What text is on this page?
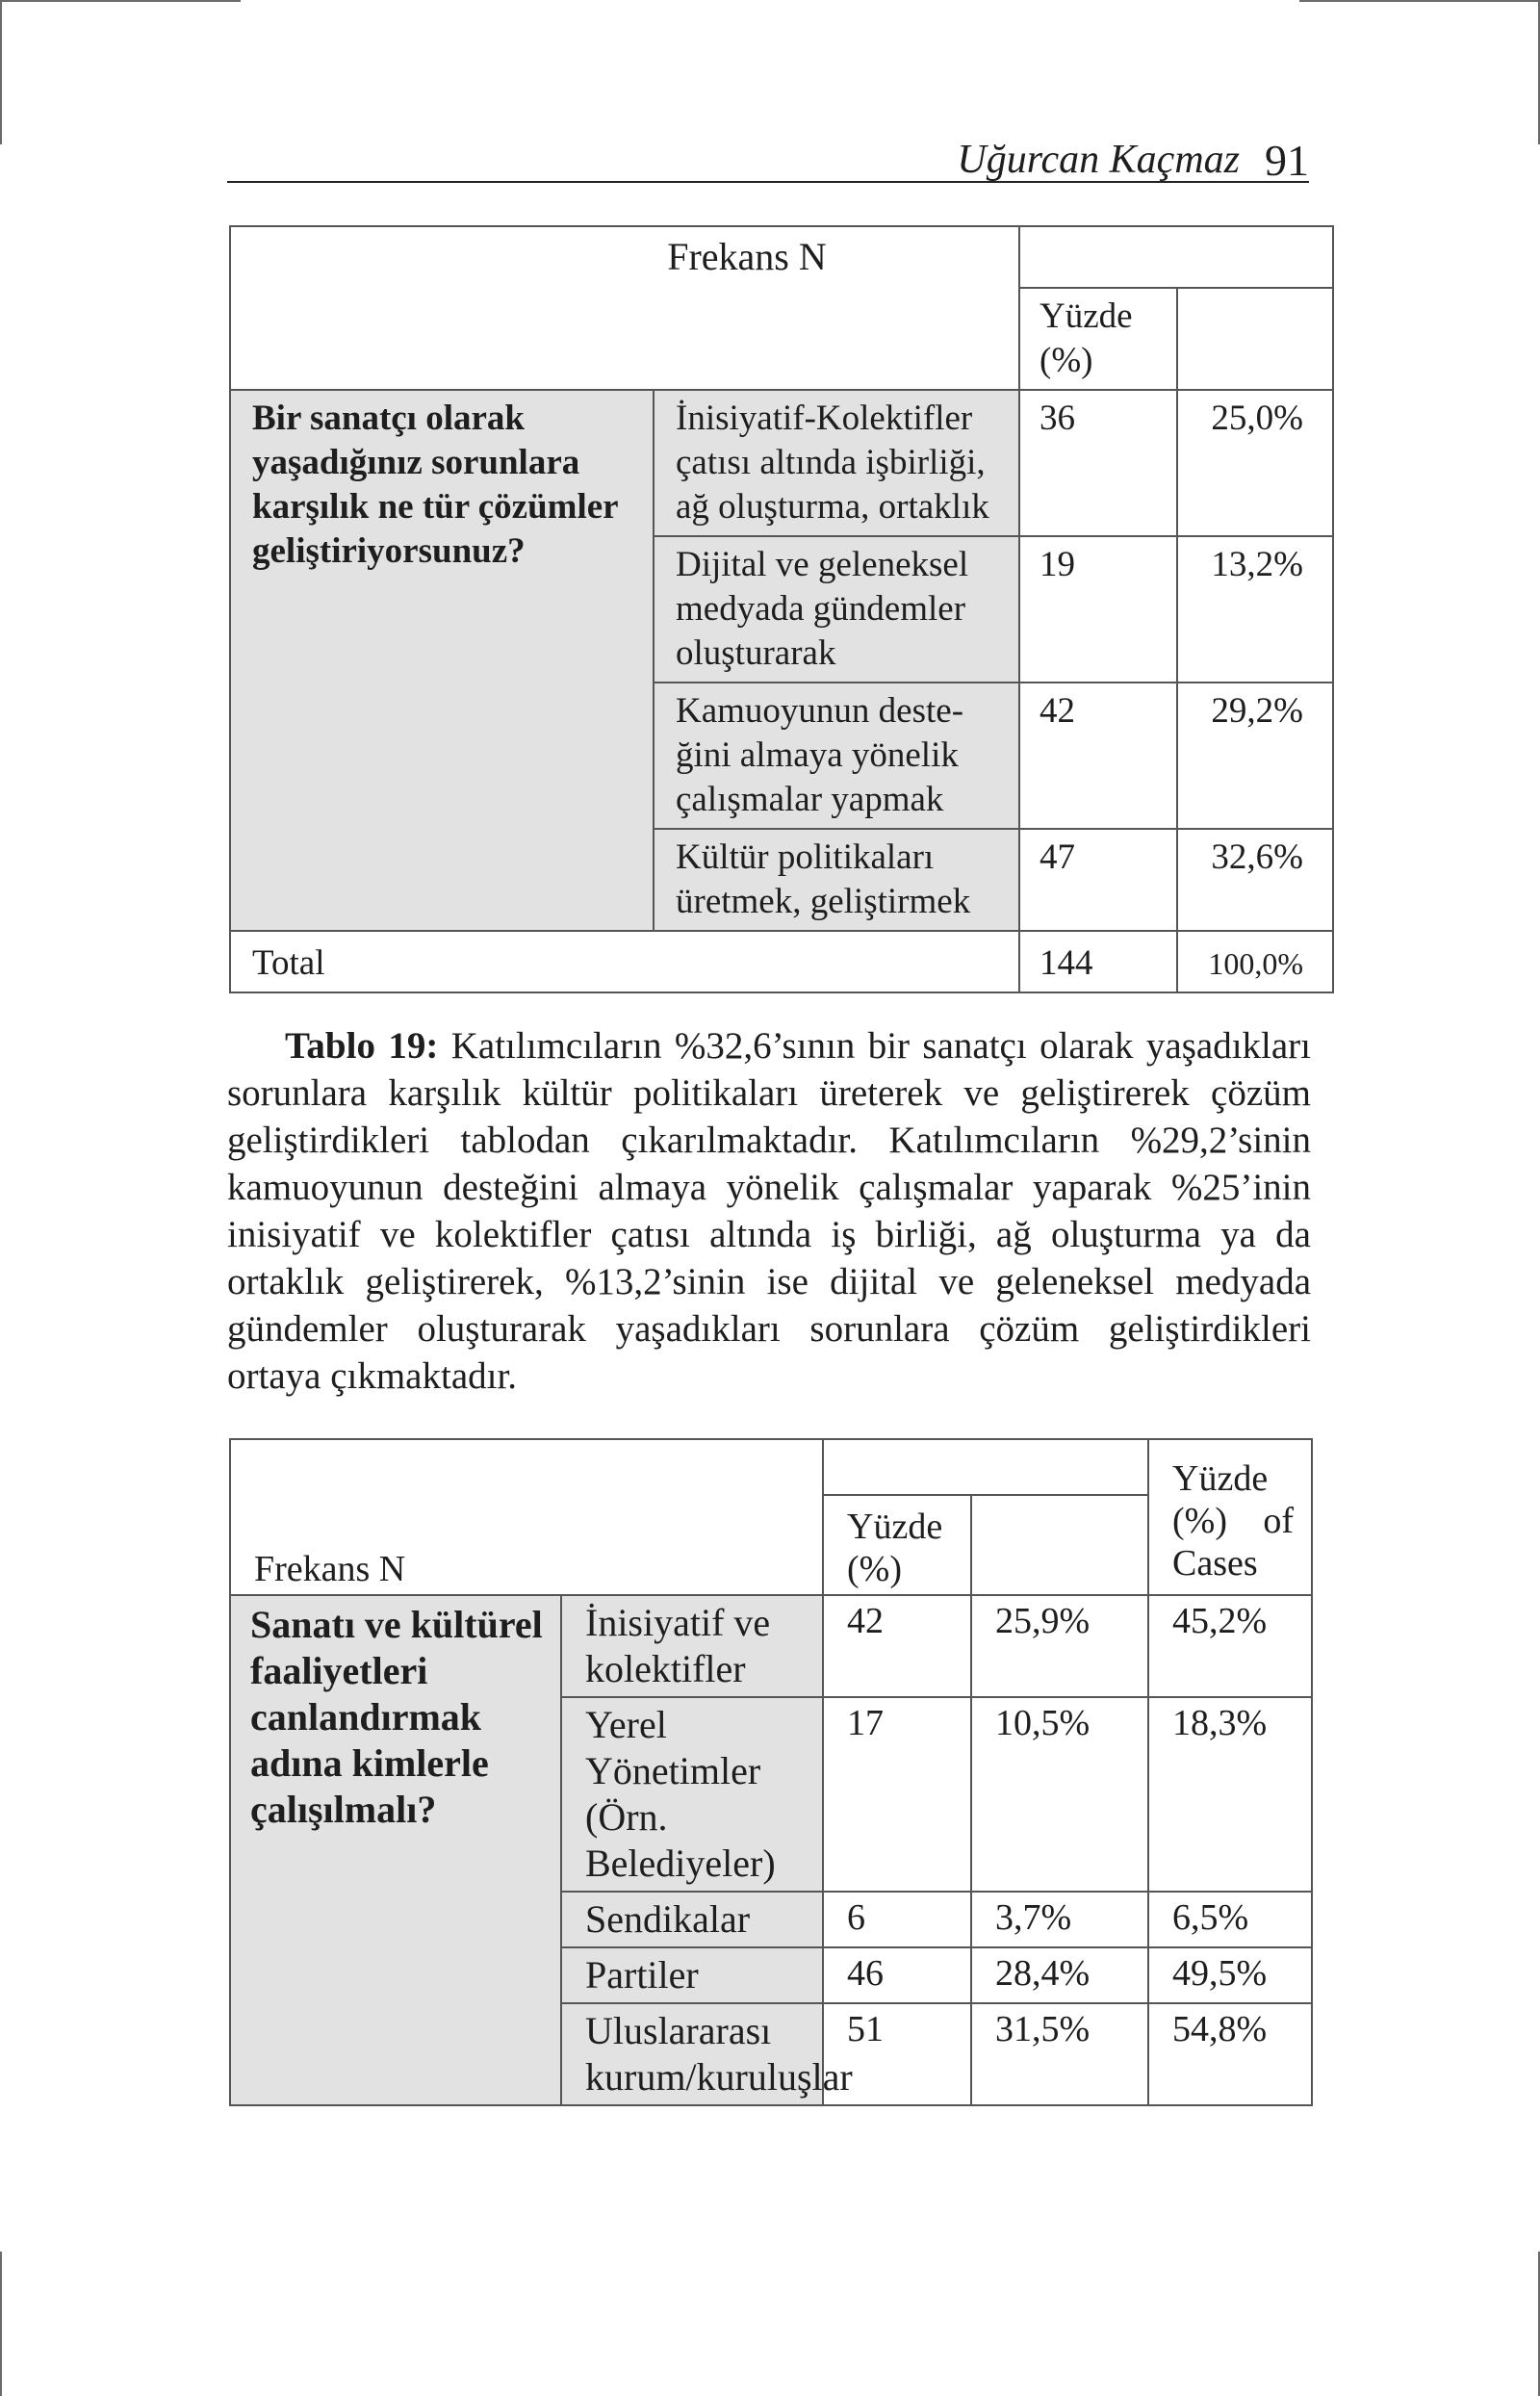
Uğurcan Kaçmaz 91
Frekans N			
		Yüzde (%)	
Bir sanatçı olarak yaşadığınız sorunlara karşılık ne tür çözümler geliştiriyorsunuz?	İnisiyatif-Kolektifler çatısı altında işbirliği, ağ oluşturma, ortaklık	36	25,0%
	Dijital ve geleneksel medyada gündemler oluşturarak	19	13,2%
	Kamuoyunun deste-ğini almaya yönelik çalışmalar yapmak	42	29,2%
	Kültür politikaları üretmek, geliştirmek	47	32,6%
Total		144	100,0%
Tablo 19: Katılımcıların %32,6’sının bir sanatçı olarak yaşadıkları sorunlara karşılık kültür politikaları üreterek ve geliştirerek çözüm geliştirdikleri tablodan çıkarılmaktadır. Katılımcıların %29,2’sinin kamuoyunun desteğini almaya yönelik çalışmalar yaparak %25’inin inisiyatif ve kolektifler çatısı altında iş birliği, ağ oluşturma ya da ortaklık geliştirerek, %13,2’sinin ise dijital ve geleneksel medyada gündemler oluşturarak yaşadıkları sorunlara çözüm geliştirdikleri ortaya çıkmaktadır.
Frekans N				Yüzde (%) of Cases
		Yüzde (%)		
Sanatı ve kültürel faaliyetleri canlandırmak adına kimlerle çalışılmalı?	İnisiyatif ve kolektifler	42	25,9%	45,2%
	Yerel Yönetimler (Örn. Belediyeler)	17	10,5%	18,3%
	Sendikalar	6	3,7%	6,5%
	Partiler	46	28,4%	49,5%
	Uluslararası kurum/kuruluşlar	51	31,5%	54,8%
